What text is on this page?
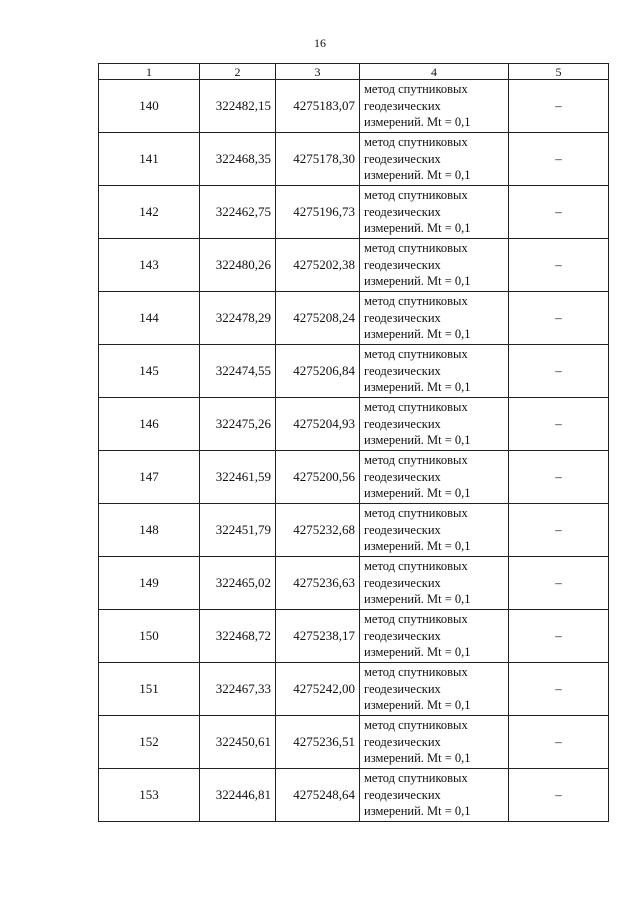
16
1	2	3	4	5
140	322482,15	4275183,07	метод спутниковых
геодезических
измерений. Mt = 0,1	–
141	322468,35	4275178,30	метод спутниковых
геодезических
измерений. Mt = 0,1	–
142	322462,75	4275196,73	метод спутниковых
геодезических
измерений. Mt = 0,1	–
143	322480,26	4275202,38	метод спутниковых
геодезических
измерений. Mt = 0,1	–
144	322478,29	4275208,24	метод спутниковых
геодезических
измерений. Mt = 0,1	–
145	322474,55	4275206,84	метод спутниковых
геодезических
измерений. Mt = 0,1	–
146	322475,26	4275204,93	метод спутниковых
геодезических
измерений. Mt = 0,1	–
147	322461,59	4275200,56	метод спутниковых
геодезических
измерений. Mt = 0,1	–
148	322451,79	4275232,68	метод спутниковых
геодезических
измерений. Mt = 0,1	–
149	322465,02	4275236,63	метод спутниковых
геодезических
измерений. Mt = 0,1	–
150	322468,72	4275238,17	метод спутниковых
геодезических
измерений. Mt = 0,1	–
151	322467,33	4275242,00	метод спутниковых
геодезических
измерений. Mt = 0,1	–
152	322450,61	4275236,51	метод спутниковых
геодезических
измерений. Mt = 0,1	–
153	322446,81	4275248,64	метод спутниковых
геодезических
измерений. Mt = 0,1	–
